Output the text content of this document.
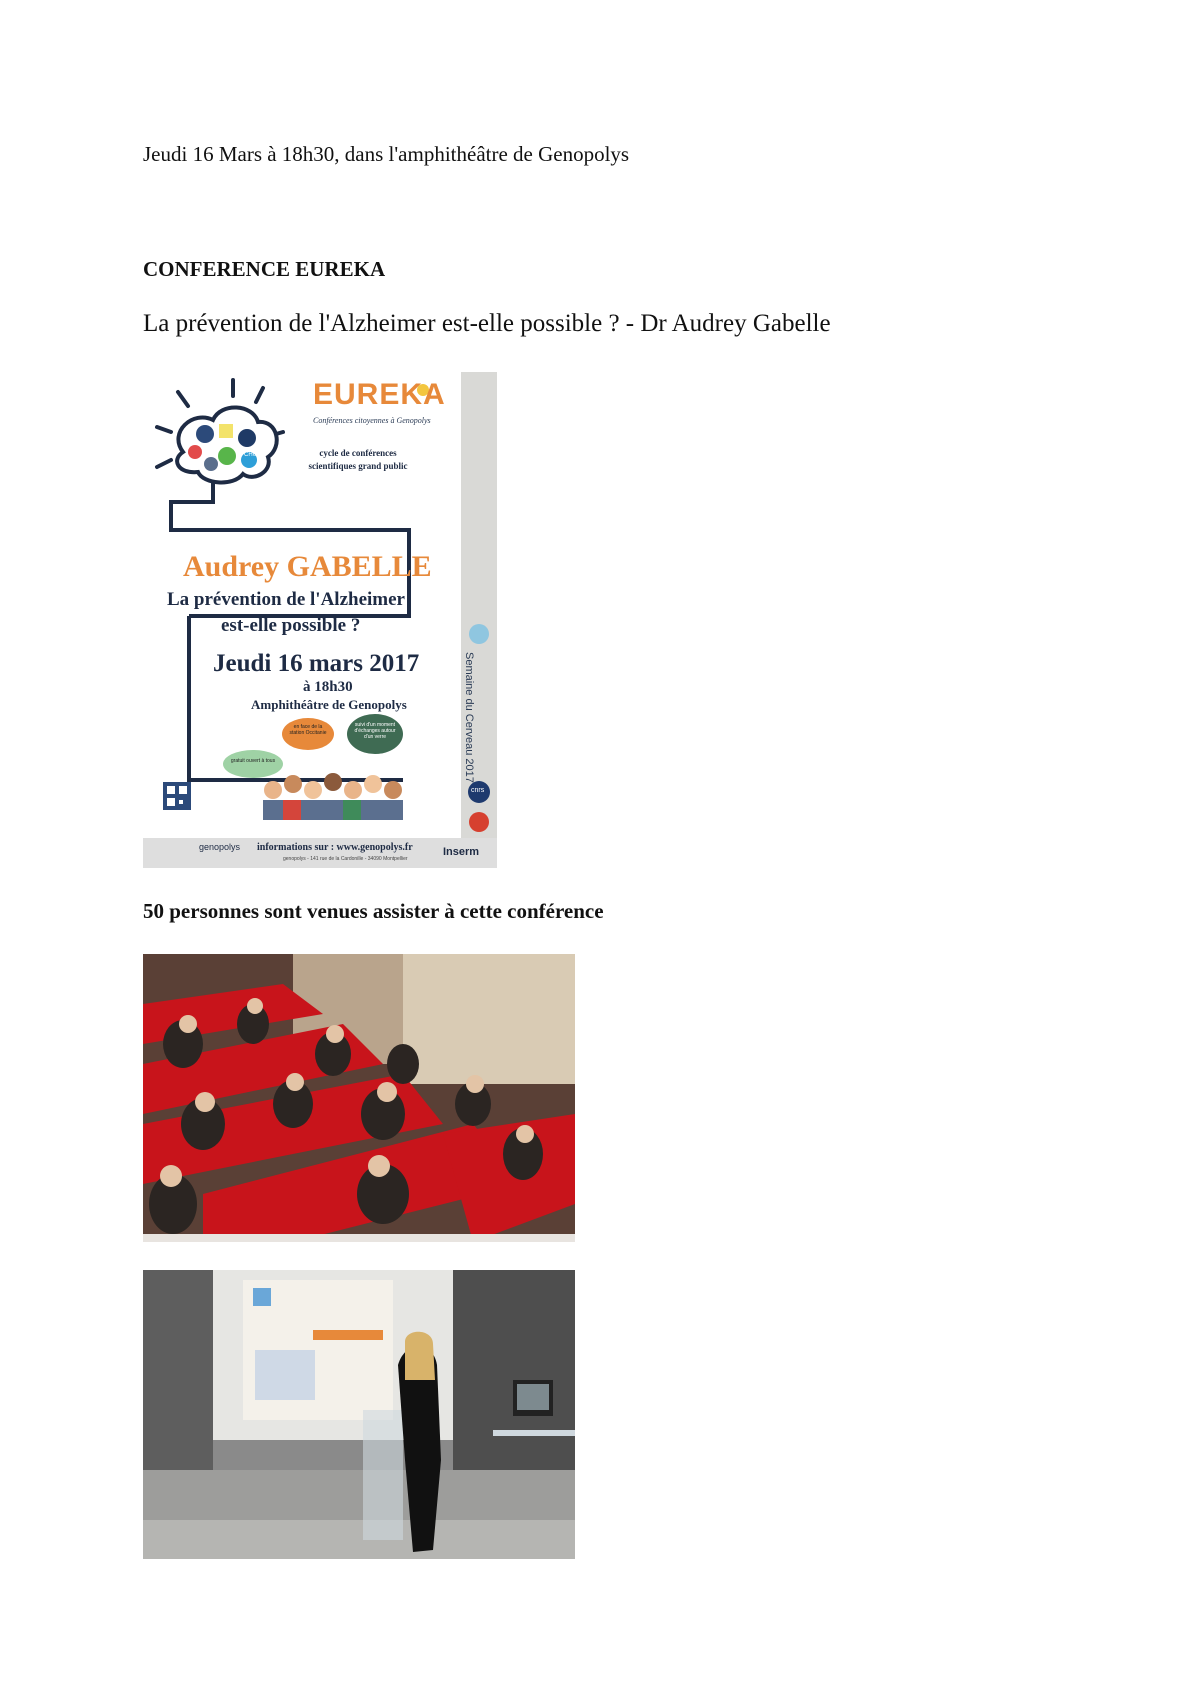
Jeudi 16 Mars à 18h30, dans l'amphithéâtre de Genopolys
CONFERENCE EUREKA
La prévention de l'Alzheimer est-elle possible ? - Dr Audrey Gabelle
EUREKA
Conférences citoyennes à Genopolys
cycle de conférences scientifiques grand public
Audrey GABELLE
La prévention de l'Alzheimer
est-elle possible ?
Jeudi 16 mars 2017
à 18h30
Amphithéâtre de Genopolys
en face de la station Occitanie
suivi d'un moment d'échanges autour d'un verre
gratuit ouvert à tous	Semaine du Cerveau 2017
genopolys informations sur : www.genopolys.fr
genopolys - 141 rue de la Cardonille - 34090 Montpellier
Inserm
cnrs
CHU
50 personnes sont venues assister à cette conférence
